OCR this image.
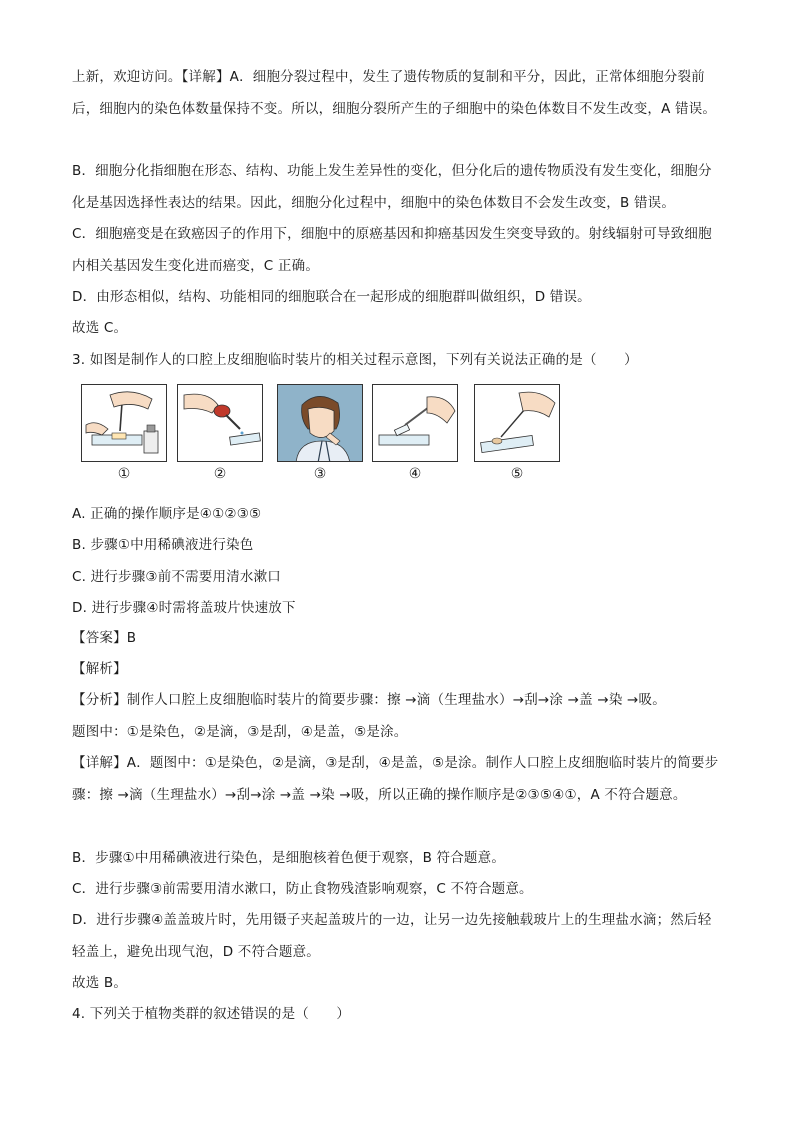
上新，欢迎访问。【详解】A．细胞分裂过程中，发生了遗传物质的复制和平分，因此，正常体细胞分裂前后，细胞内的染色体数量保持不变。所以，细胞分裂所产生的子细胞中的染色体数目不发生改变，A 错误。
B．细胞分化指细胞在形态、结构、功能上发生差异性的变化，但分化后的遗传物质没有发生变化，细胞分化是基因选择性表达的结果。因此，细胞分化过程中，细胞中的染色体数目不会发生改变，B 错误。
C．细胞癌变是在致癌因子的作用下，细胞中的原癌基因和抑癌基因发生突变导致的。射线辐射可导致细胞内相关基因发生变化进而癌变，C 正确。
D．由形态相似，结构、功能相同的细胞联合在一起形成的细胞群叫做组织，D 错误。
故选 C。
3. 如图是制作人的口腔上皮细胞临时装片的相关过程示意图，下列有关说法正确的是（　　）
①	②	③	④	⑤
A. 正确的操作顺序是④①②③⑤
B. 步骤①中用稀碘液进行染色
C. 进行步骤③前不需要用清水漱口
D. 进行步骤④时需将盖玻片快速放下
【答案】B
【解析】
【分析】制作人口腔上皮细胞临时装片的简要步骤：擦 →滴（生理盐水）→刮→涂 →盖 →染 →吸。
题图中：①是染色，②是滴，③是刮，④是盖，⑤是涂。
【详解】A．题图中：①是染色，②是滴，③是刮，④是盖，⑤是涂。制作人口腔上皮细胞临时装片的简要步骤：擦 →滴（生理盐水）→刮→涂 →盖 →染 →吸，所以正确的操作顺序是②③⑤④①，A 不符合题意。
B．步骤①中用稀碘液进行染色，是细胞核着色便于观察，B 符合题意。
C．进行步骤③前需要用清水漱口，防止食物残渣影响观察，C 不符合题意。
D．进行步骤④盖盖玻片时，先用镊子夹起盖玻片的一边，让另一边先接触载玻片上的生理盐水滴；然后轻轻盖上，避免出现气泡，D 不符合题意。
故选 B。
4. 下列关于植物类群的叙述错误的是（　　）
